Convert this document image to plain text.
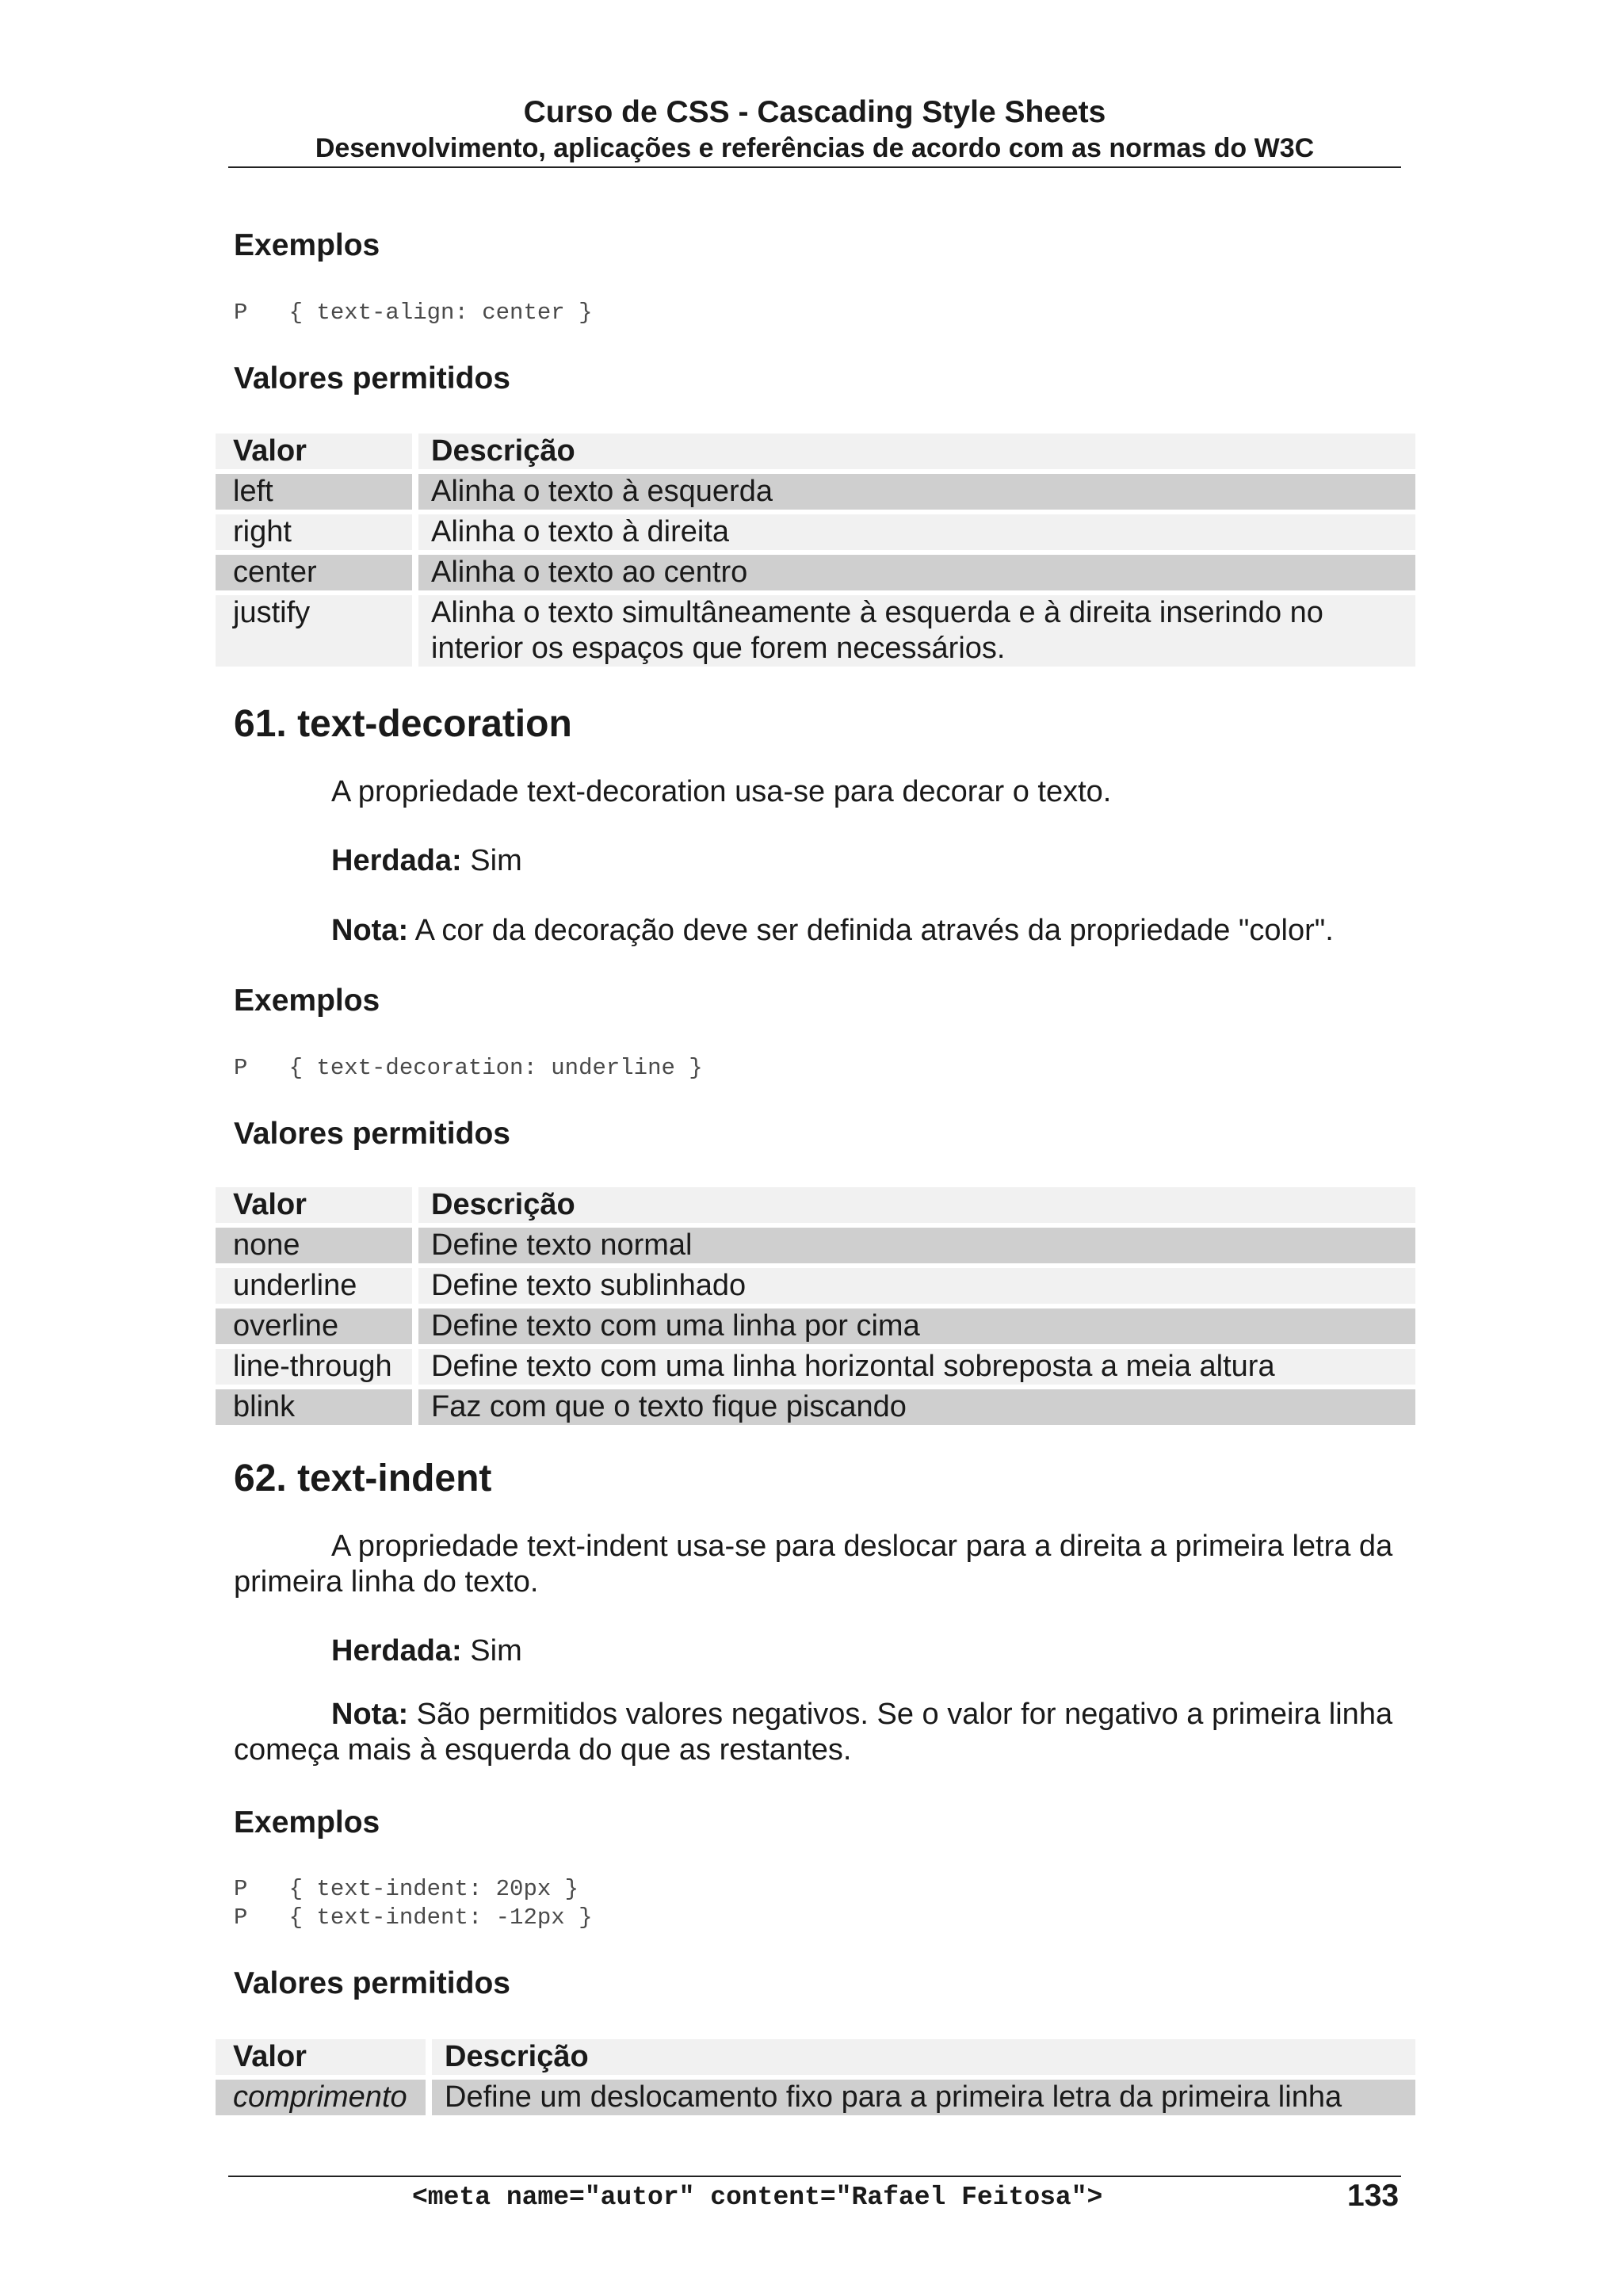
Curso de CSS - Cascading Style Sheets
Desenvolvimento, aplicações e referências de acordo com as normas do W3C
Exemplos
P   { text-align: center }
Valores permitidos
Valor	Descrição
left	Alinha o texto à esquerda
right	Alinha o texto à direita
center	Alinha o texto ao centro
justify	Alinha o texto simultâneamente à esquerda e à direita inserindo no interior os espaços que forem necessários.
61. text-decoration
A propriedade text-decoration usa-se para decorar o texto.
Herdada: Sim
Nota: A cor da decoração deve ser definida através da propriedade "color".
Exemplos
P   { text-decoration: underline }
Valores permitidos
Valor	Descrição
none	Define texto normal
underline	Define texto sublinhado
overline	Define texto com uma linha por cima
line-through	Define texto com uma linha horizontal sobreposta a meia altura
blink	Faz com que o texto fique piscando
62. text-indent
A propriedade text-indent usa-se para deslocar para a direita a primeira letra da primeira linha do texto.
Herdada: Sim
Nota: São permitidos valores negativos. Se o valor for negativo a primeira linha começa mais à esquerda do que as restantes.
Exemplos
P   { text-indent: 20px }
P   { text-indent: -12px }
Valores permitidos
Valor	Descrição
comprimento	Define um deslocamento fixo para a primeira letra da primeira linha
<meta name="autor" content="Rafael Feitosa">	133
